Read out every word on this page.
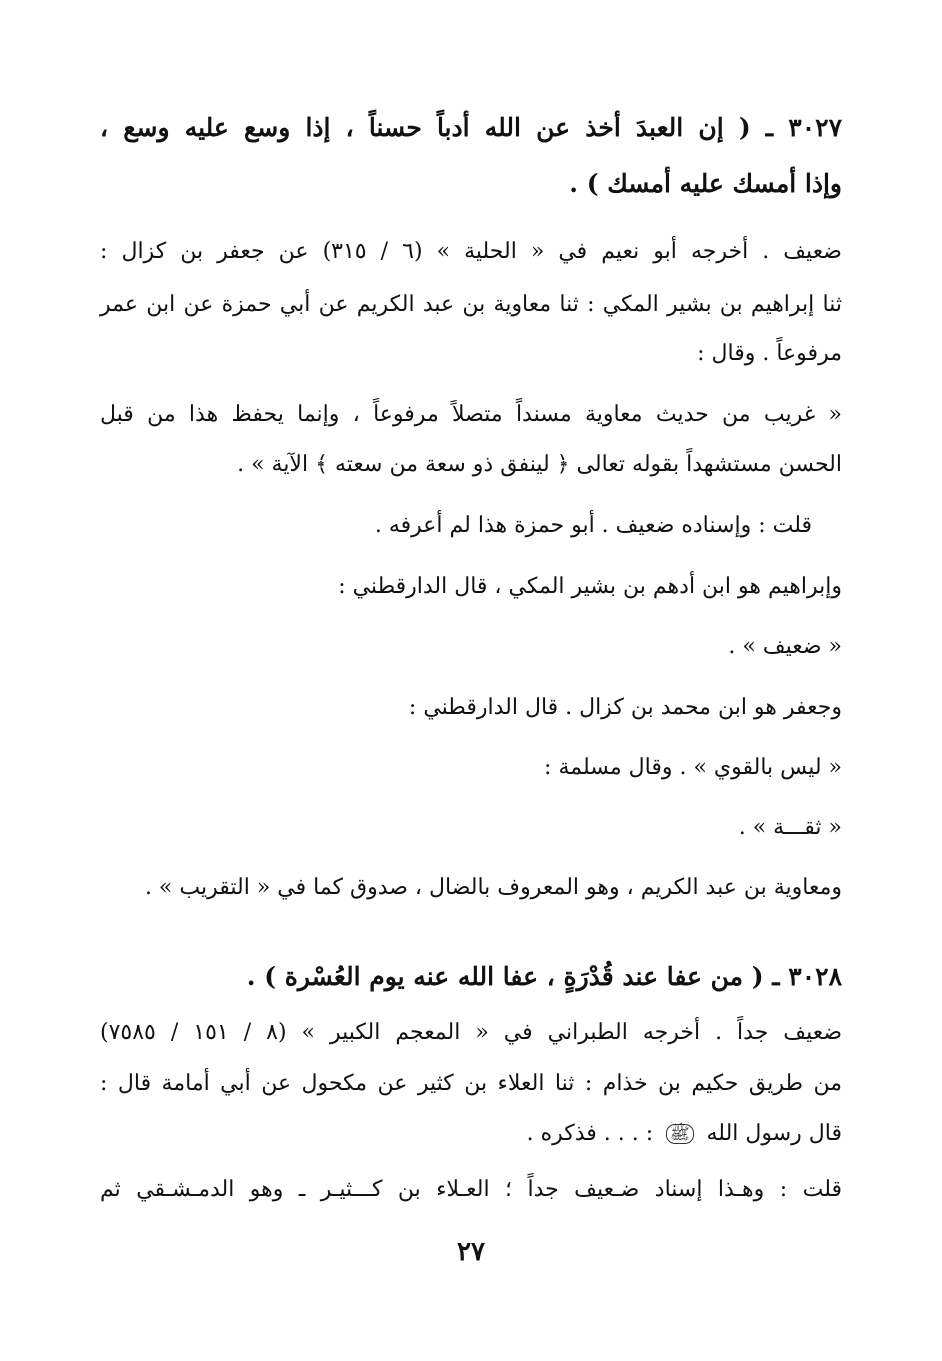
٣٠٢٧ ـ ( إن العبدَ أخذ عن الله أدباً حسناً ، إذا وسع عليه وسع ،
وإذا أمسك عليه أمسك ) .
ضعيف . أخرجه أبو نعيم في « الحلية » (٦ / ٣١٥) عن جعفر بن كزال :
ثنا إبراهيم بن بشير المكي : ثنا معاوية بن عبد الكريم عن أبي حمزة عن ابن عمر
مرفوعاً . وقال :
« غريب من حديث معاوية مسنداً متصلاً مرفوعاً ، وإنما يحفظ هذا من قبل
الحسن مستشهداً بقوله تعالى ﴿ لينفق ذو سعة من سعته ﴾ الآية » .
قلت : وإسناده ضعيف . أبو حمزة هذا لم أعرفه .
وإبراهيم هو ابن أدهم بن بشير المكي ، قال الدارقطني :
« ضعيف » .
وجعفر هو ابن محمد بن كزال . قال الدارقطني :
« ليس بالقوي » . وقال مسلمة :
« ثقـــة » .
ومعاوية بن عبد الكريم ، وهو المعروف بالضال ، صدوق كما في « التقريب » .
٣٠٢٨ ـ ( من عفا عند قُدْرَةٍ ، عفا الله عنه يوم العُسْرة ) .
ضعيف جداً . أخرجه الطبراني في « المعجم الكبير » (٨ / ١٥١ / ٧٥٨٥)
من طريق حكيم بن خذام : ثنا العلاء بن كثير عن مكحول عن أبي أمامة قال :
قال رسول الله ﷺ : . . . فذكره .
قلت : وهـذا إسناد ضـعيف جداً ؛ العـلاء بن كـــثيـر ـ وهو الدمـشـقي ثم
٢٧
